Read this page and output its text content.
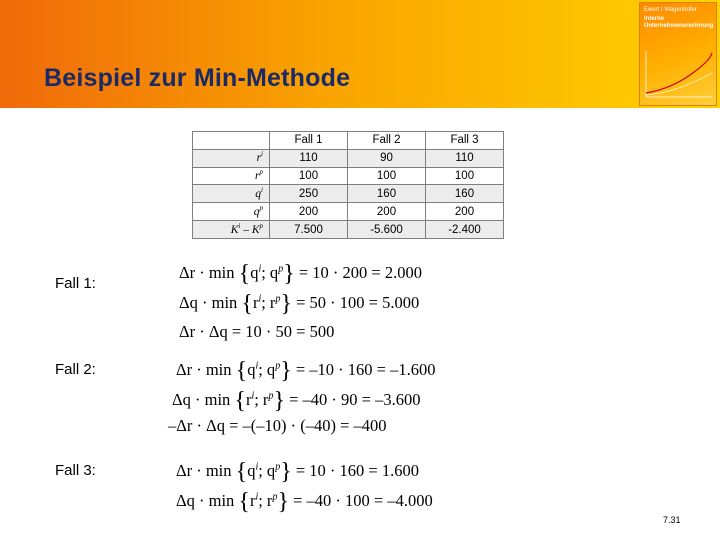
Beispiel zur Min-Methode
Ewert / Wagenhofer
Interne
Unternehmensrechnung
	Fall 1	Fall 2	Fall 3
$r^i$	110	90	110
$r^p$	100	100	100
$q^i$	250	160	160
$q^p$	200	200	200
$K^i - K^p$	7.500	-5.600	-2.400
Fall 1:
Fall 2:
Fall 3:
$\Delta r \cdot \min \{q^i$; $q^p\} = 10 \cdot 200 = 2.000$
$\Delta q \cdot \min \{r^i$; $r^p\} = 50 \cdot 100 = 5.000$
Δr · Δq = 10 · 50 = 500
$\Delta r \cdot \min \{q^i$; $q^p\} = -10 \cdot 160 = -1.600$
$\Delta q \cdot \min \{r^i$; $r^p\} = -40 \cdot 90 = -3.600$
–Δr · Δq = –(–10) · (–40) = –400
$\Delta r \cdot \min \{q^i$; $q^p\} = 10 \cdot 160 = 1.600$
$\Delta q \cdot \min \{r^i$; $r^p\} = -40 \cdot 100 = -4.000$
7.31
